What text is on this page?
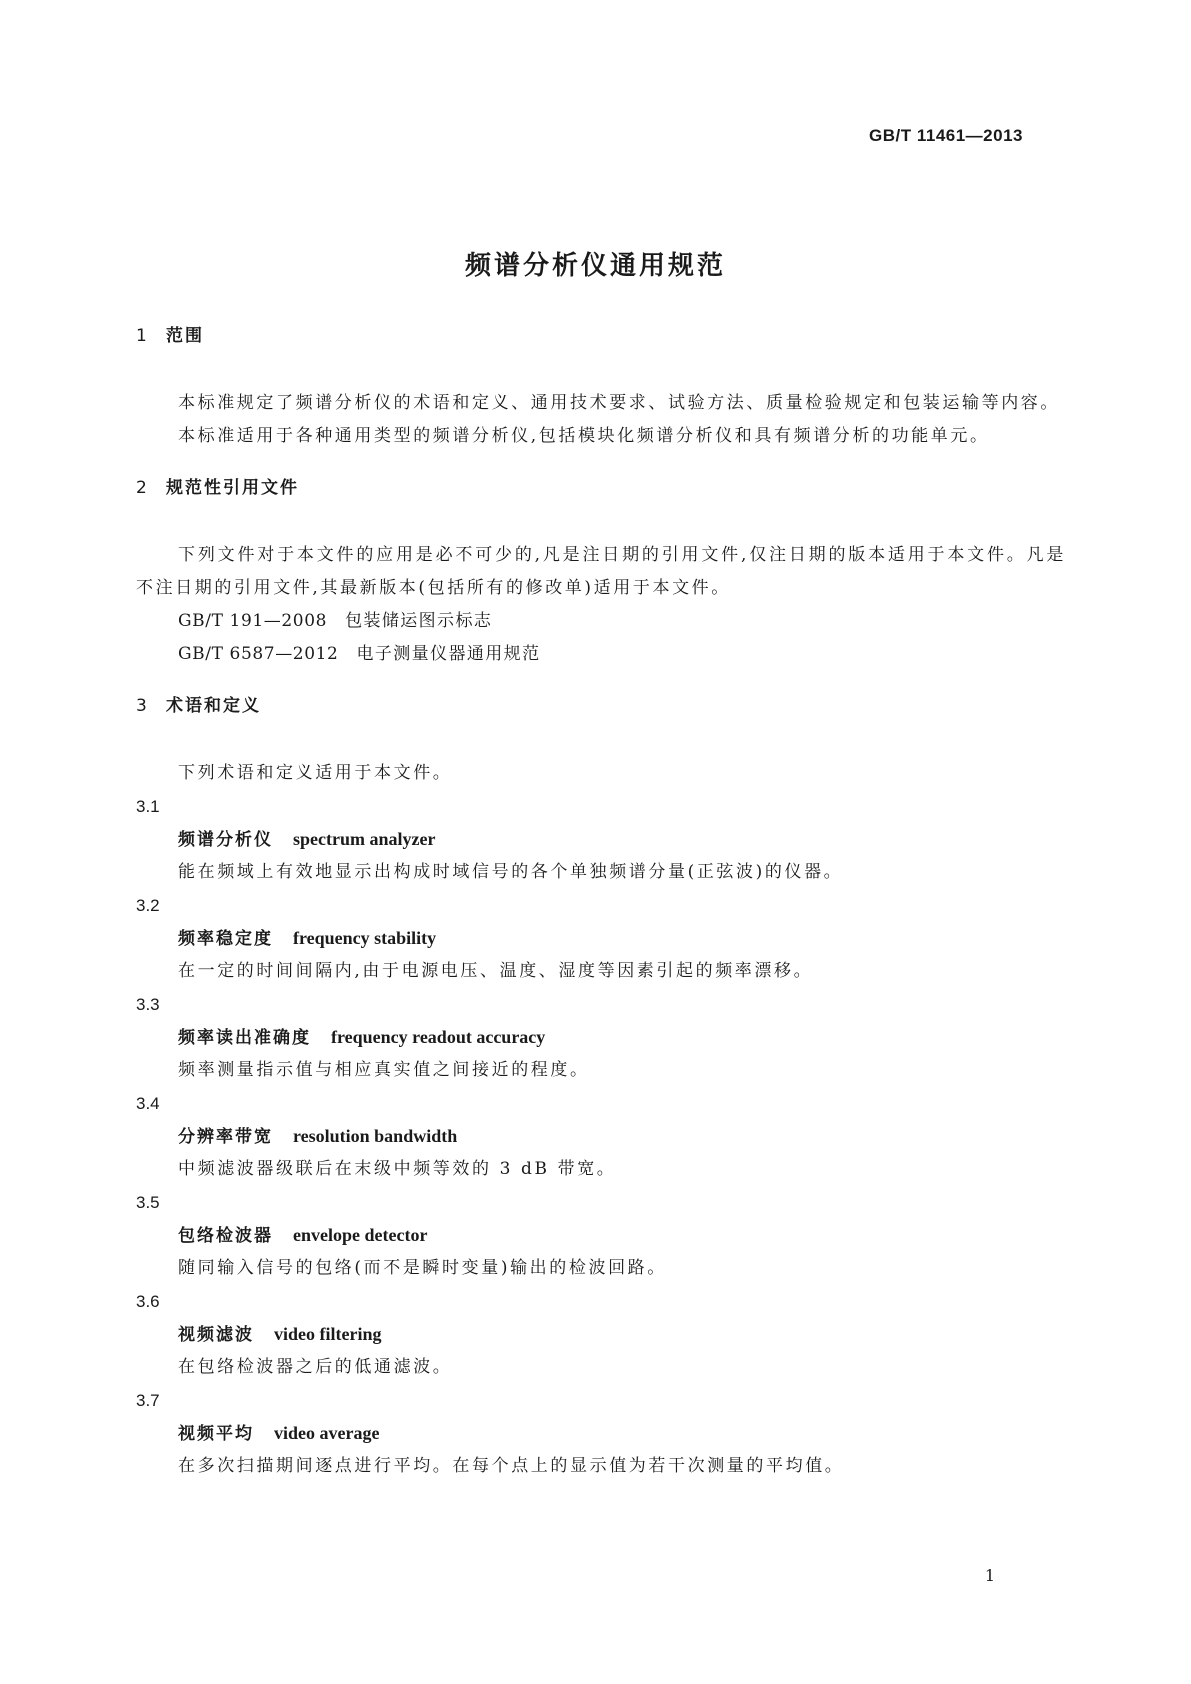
GB/T 11461—2013
频谱分析仪通用规范
1 范围

本标准规定了频谱分析仪的术语和定义、通用技术要求、试验方法、质量检验规定和包装运输等内容。

本标准适用于各种通用类型的频谱分析仪,包括模块化频谱分析仪和具有频谱分析的功能单元。

2 规范性引用文件

下列文件对于本文件的应用是必不可少的,凡是注日期的引用文件,仅注日期的版本适用于本文件。凡是不注日期的引用文件,其最新版本(包括所有的修改单)适用于本文件。

GB/T 191—2008 包装储运图示标志
GB/T 6587—2012 电子测量仪器通用规范
3 术语和定义

下列术语和定义适用于本文件。

3.1
频谱分析仪 spectrum analyzer
能在频域上有效地显示出构成时域信号的各个单独频谱分量(正弦波)的仪器。
3.2
频率稳定度 frequency stability
在一定的时间间隔内,由于电源电压、温度、湿度等因素引起的频率漂移。
3.3
频率读出准确度 frequency readout accuracy
频率测量指示值与相应真实值之间接近的程度。
3.4
分辨率带宽 resolution bandwidth
中频滤波器级联后在末级中频等效的 3 dB 带宽。
3.5
包络检波器 envelope detector
随同输入信号的包络(而不是瞬时变量)输出的检波回路。
3.6
视频滤波 video filtering
在包络检波器之后的低通滤波。
3.7
视频平均 video average
在多次扫描期间逐点进行平均。在每个点上的显示值为若干次测量的平均值。
1
